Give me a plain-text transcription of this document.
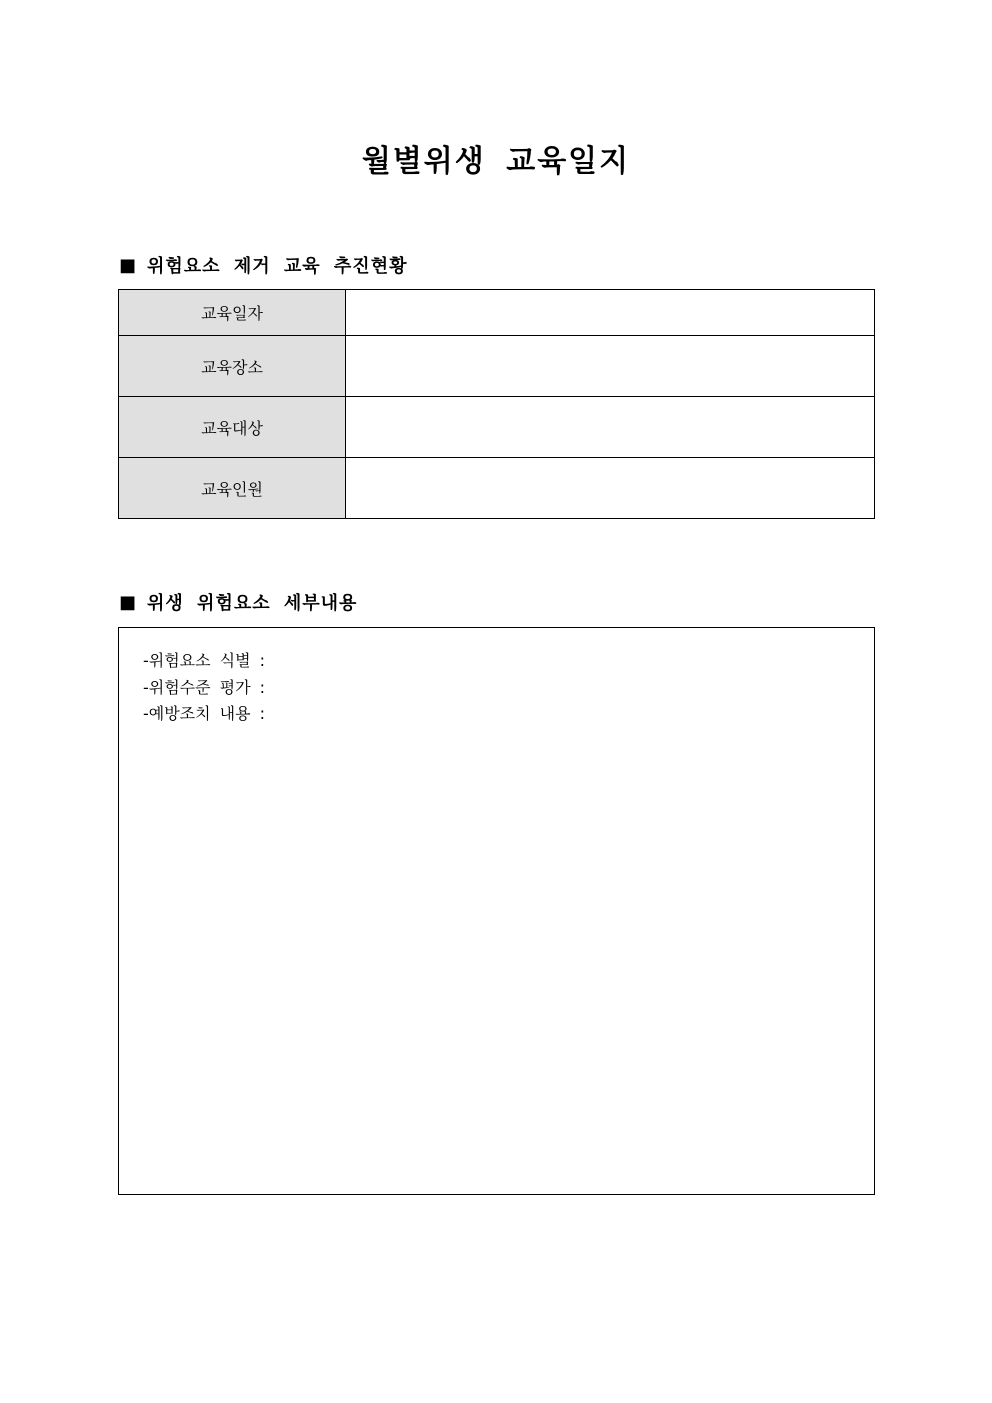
월별위생 교육일지
■ 위험요소 제거 교육 추진현황
교육일자	
교육장소	
교육대상	
교육인원	
■ 위생 위험요소 세부내용
-위험요소 식별 :
-위험수준 평가 :
-예방조치 내용 :
